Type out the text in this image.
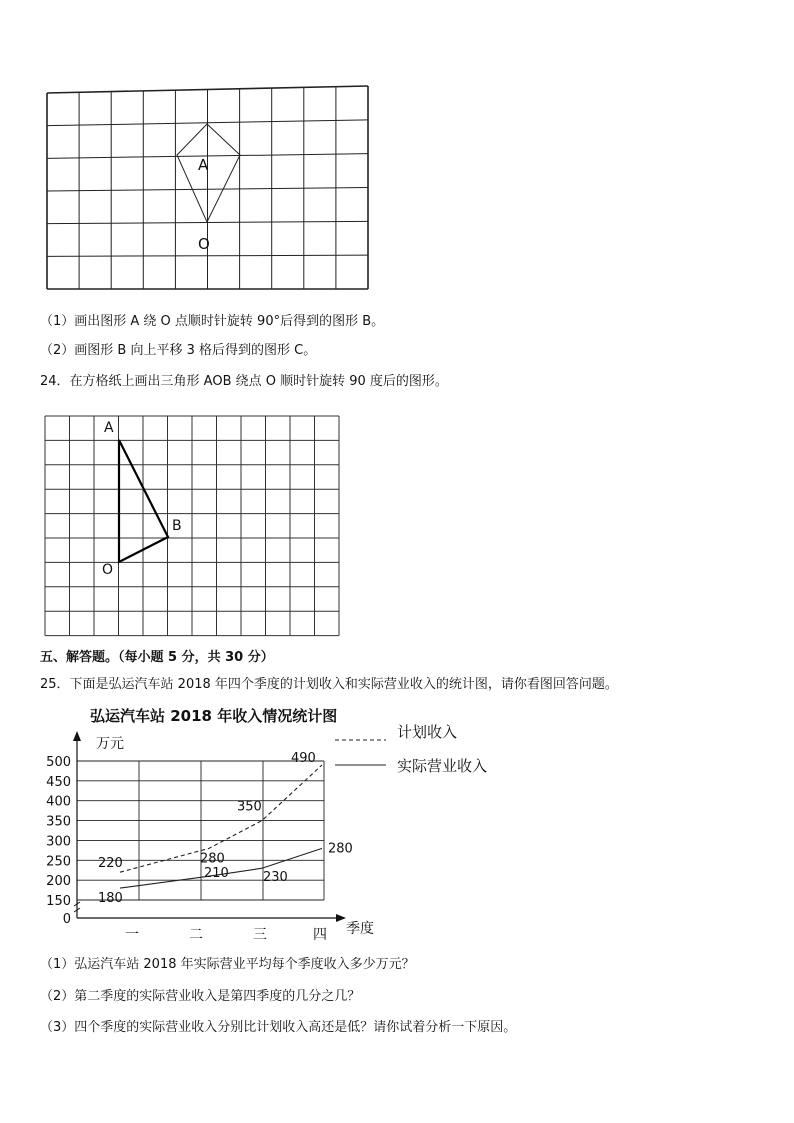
A
O
A
B
O
弘运汽车站 2018 年收入情况统计图
万元
0
150
200
250
300
350
400
450
500
一	二	三	四 季度
220	280
350
490
180
210	230
280
计划收入
实际营业收入
（1）画出图形 A 绕 O 点顺时针旋转 90°后得到的图形 B。
（2）画图形 B 向上平移 3 格后得到的图形 C。
24．在方格纸上画出三角形 AOB 绕点 O 顺时针旋转 90 度后的图形。
五、解答题。（每小题 5 分，共 30 分）
25．下面是弘运汽车站 2018 年四个季度的计划收入和实际营业收入的统计图，请你看图回答问题。
（1）弘运汽车站 2018 年实际营业平均每个季度收入多少万元？
（2）第二季度的实际营业收入是第四季度的几分之几？
（3）四个季度的实际营业收入分别比计划收入高还是低？请你试着分析一下原因。
